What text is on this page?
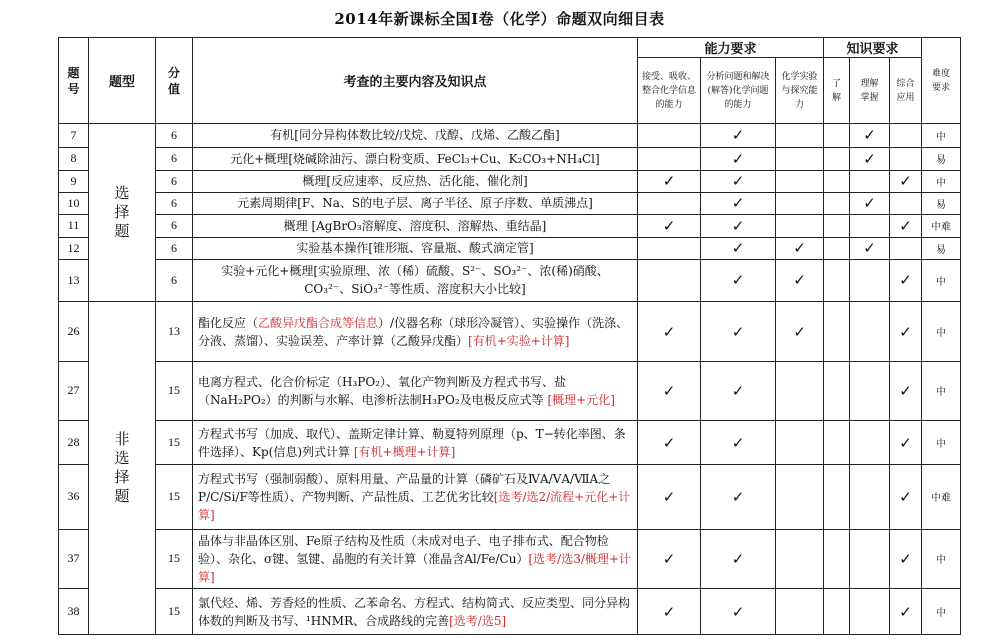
2014年新课标全国Ⅰ卷（化学）命题双向细目表
题号	题型	分值	考查的主要内容及知识点	能力要求			知识要求			难度要求
				接受、吸收、整合化学信息的能力	分析问题和解决(解答)化学问题的能力	化学实验与探究能力	了解	理解掌握	综合应用	
7	选择题	6	有机[同分异构体数比较/戊烷、戊醇、戊烯、乙酸乙酯]		✓			✓		中
8		6	元化+概理[烧碱除油污、漂白粉变质、FeCl₃+Cu、K₂CO₃+NH₄Cl]		✓			✓		易
9		6	概理[反应速率、反应热、活化能、催化剂]	✓	✓				✓	中
10		6	元素周期律[F、Na、S的电子层、离子半径、原子序数、单质沸点]		✓			✓		易
11		6	概理 [AgBrO₃溶解度、溶度积、溶解热、重结晶]	✓	✓				✓	中难
12		6	实验基本操作[锥形瓶、容量瓶、酸式滴定管]		✓	✓		✓		易
13		6	实验+元化+概理[实验原理、浓（稀）硫酸、S²⁻、SO₃²⁻、浓(稀)硝酸、CO₃²⁻、SiO₃²⁻等性质、溶度积大小比较]		✓	✓			✓	中
26	非选择题	13	酯化反应（乙酸异戊酯合成等信息）/仪器名称（球形冷凝管）、实验操作（洗涤、分液、蒸馏）、实验误差、产率计算（乙酸异戊酯）[有机+实验+计算]	✓	✓	✓			✓	中
27		15	电离方程式、化合价标定（H₃PO₂）、氧化产物判断及方程式书写、盐（NaH₂PO₂）的判断与水解、电渗析法制H₃PO₂及电极反应式等 [概理+元化]	✓	✓				✓	中
28		15	方程式书写（加成、取代）、盖斯定律计算、勒夏特列原理（p、T−转化率图、条件选择）、Kp(信息)列式计算 [有机+概理+计算]	✓	✓				✓	中
36		15	方程式书写（强制弱酸）、原料用量、产品量的计算（磷矿石及ⅣA/ⅤA/ⅦA之P/C/Si/F等性质）、产物判断、产品性质、工艺优劣比较[选考/选2/流程+元化+计算]	✓	✓				✓	中难
37		15	晶体与非晶体区别、Fe原子结构及性质（未成对电子、电子排布式、配合物检验）、杂化、σ键、氢键、晶胞的有关计算（准晶含Al/Fe/Cu）[选考/选3/概理+计算]	✓	✓				✓	中
38		15	氯代烃、烯、芳香烃的性质、乙苯命名、方程式、结构简式、反应类型、同分异构体数的判断及书写、¹HNMR、合成路线的完善[选考/选5]	✓	✓				✓	中
